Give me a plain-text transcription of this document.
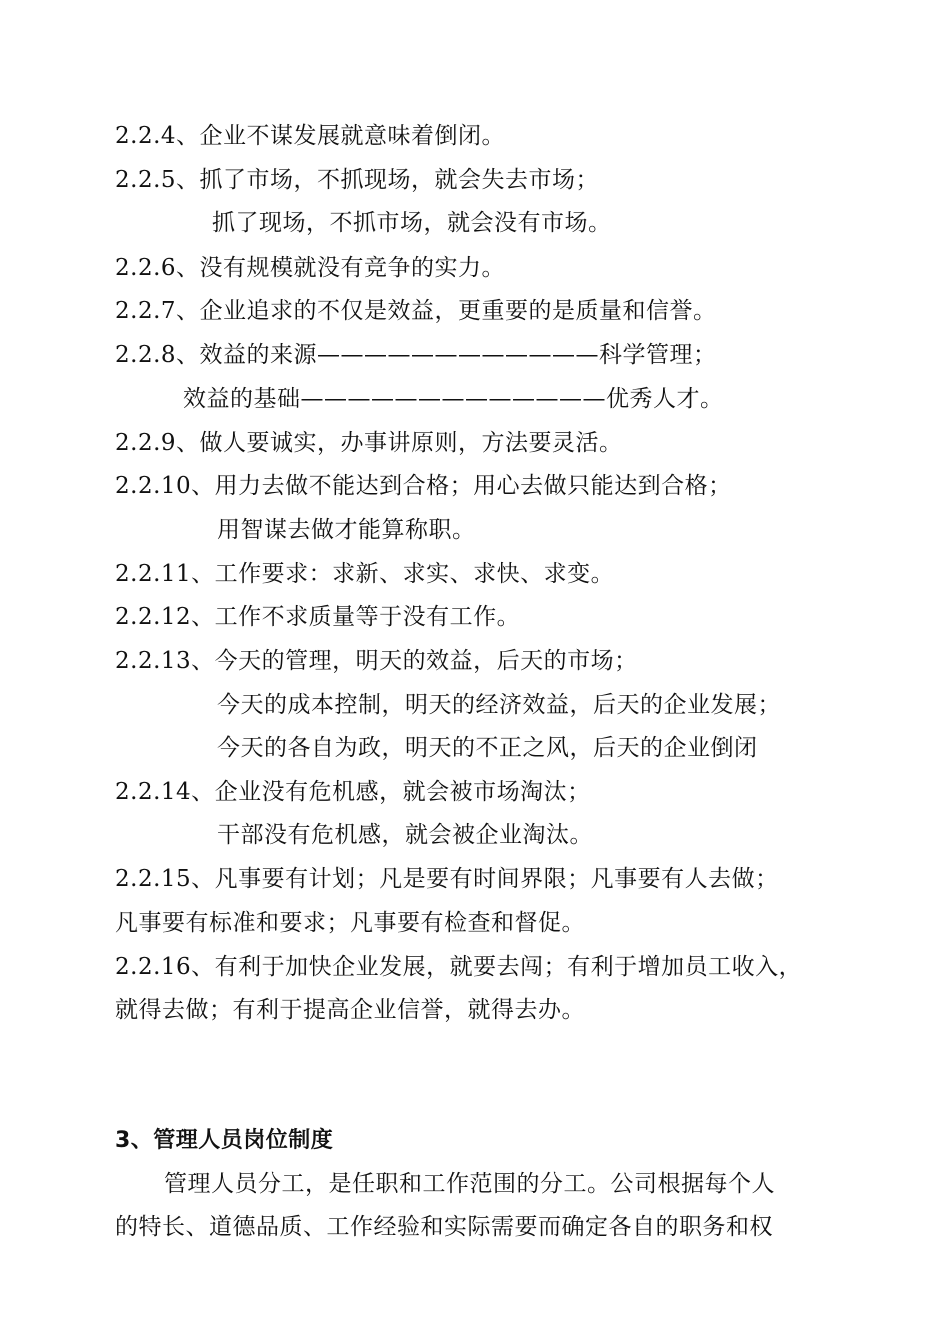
2.2.4、企业不谋发展就意味着倒闭。
2.2.5、抓了市场，不抓现场，就会失去市场；
抓了现场，不抓市场，就会没有市场。
2.2.6、没有规模就没有竞争的实力。
2.2.7、企业追求的不仅是效益，更重要的是质量和信誉。
2.2.8、效益的来源————————————科学管理；
效益的基础—————————————优秀人才。
2.2.9、做人要诚实，办事讲原则，方法要灵活。
2.2.10、用力去做不能达到合格；用心去做只能达到合格；
用智谋去做才能算称职。
2.2.11、工作要求：求新、求实、求快、求变。
2.2.12、工作不求质量等于没有工作。
2.2.13、今天的管理，明天的效益，后天的市场；
今天的成本控制，明天的经济效益，后天的企业发展；
今天的各自为政，明天的不正之风，后天的企业倒闭
2.2.14、企业没有危机感，就会被市场淘汰；
干部没有危机感，就会被企业淘汰。
2.2.15、凡事要有计划；凡是要有时间界限；凡事要有人去做；
凡事要有标准和要求；凡事要有检查和督促。
2.2.16、有利于加快企业发展，就要去闯；有利于增加员工收入，
就得去做；有利于提高企业信誉，就得去办。
3、管理人员岗位制度
管理人员分工，是任职和工作范围的分工。公司根据每个人
的特长、道德品质、工作经验和实际需要而确定各自的职务和权
